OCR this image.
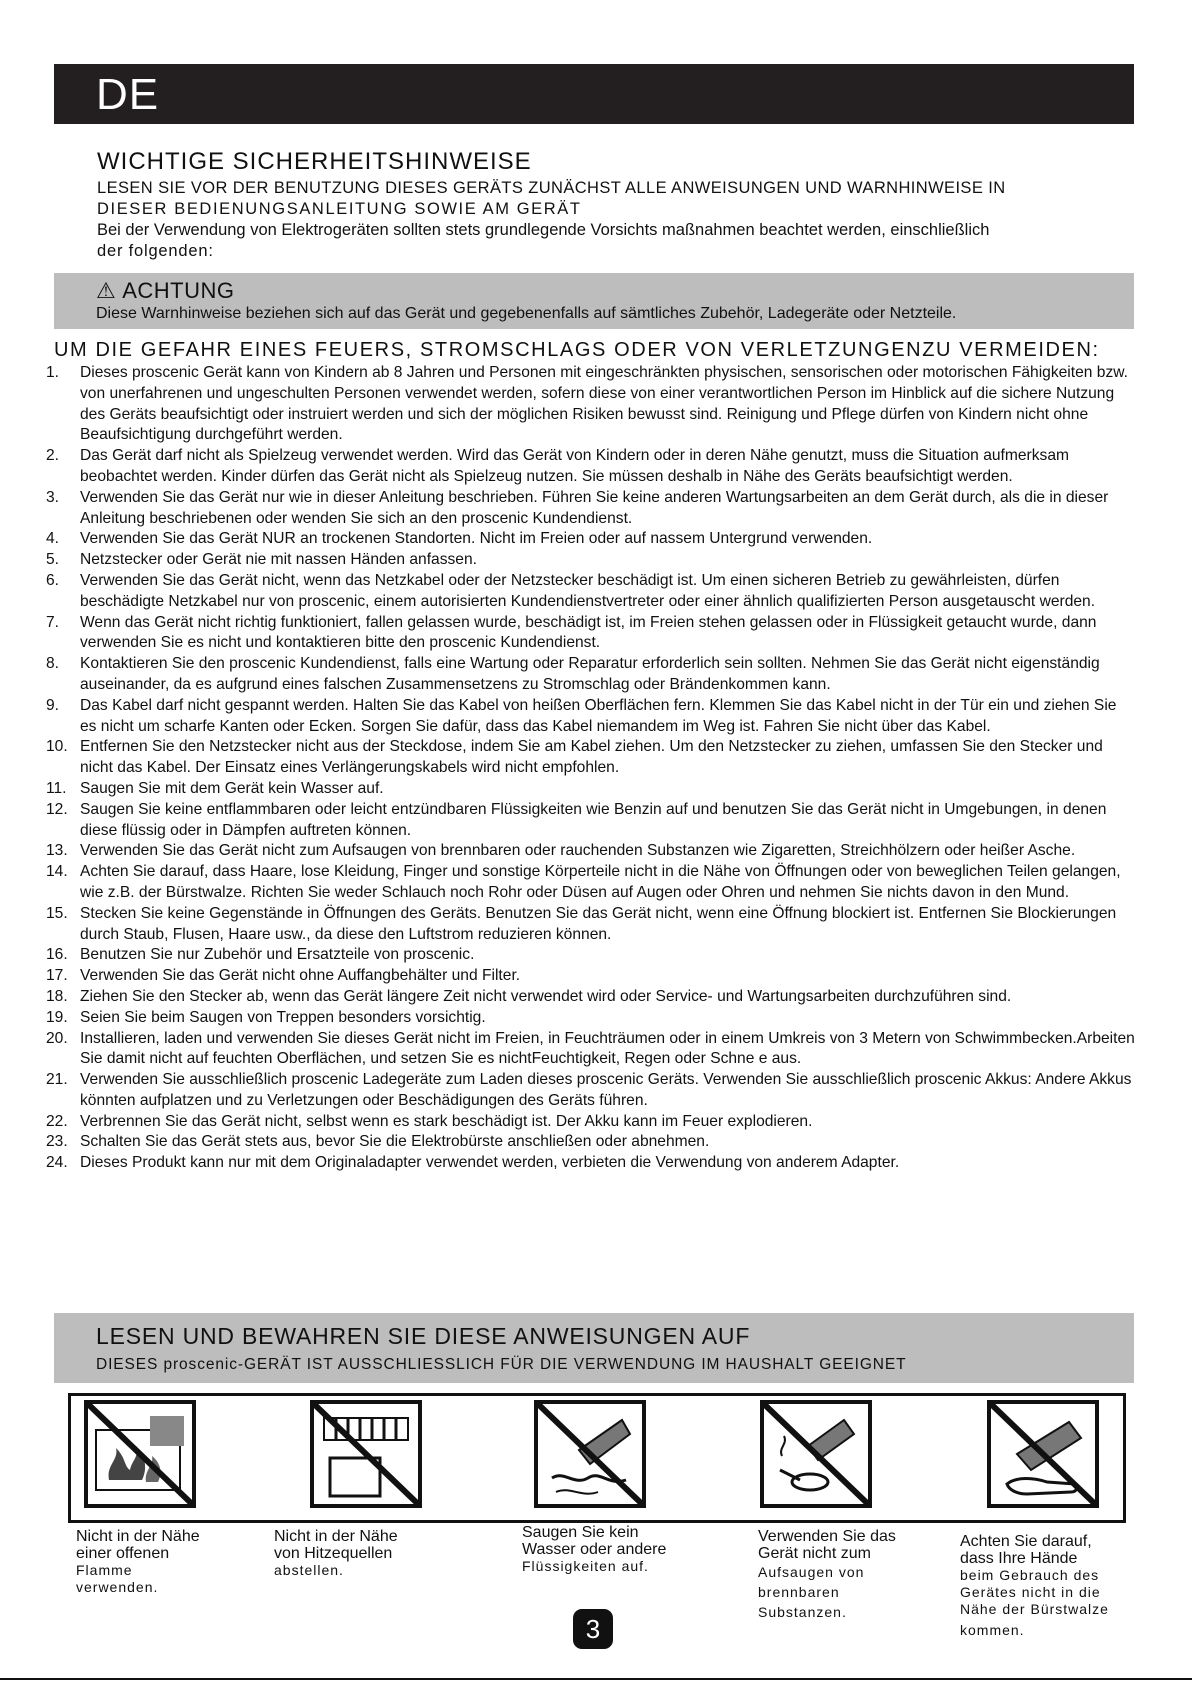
DE
WICHTIGE SICHERHEITSHINWEISE

LESEN SIE VOR DER BENUTZUNG DIESES GERÄTS ZUNÄCHST ALLE ANWEISUNGEN UND WARNHINWEISE IN

DIESER BEDIENUNGSANLEITUNG SOWIE AM GERÄT

Bei der Verwendung von Elektrogeräten sollten stets grundlegende Vorsichts maßnahmen beachtet werden, einschließlich

der folgenden:

⚠ ACHTUNG
Diese Warnhinweise beziehen sich auf das Gerät und gegebenenfalls auf sämtliches Zubehör, Ladegeräte oder Netzteile.
UM DIE GEFAHR EINES FEUERS, STROMSCHLAGS ODER VON VERLETZUNGENZU VERMEIDEN:
1. Dieses proscenic Gerät kann von Kindern ab 8 Jahren und Personen mit eingeschränkten physischen, sensorischen oder motorischen Fähigkeiten bzw. von unerfahrenen und ungeschulten Personen verwendet werden, sofern diese von einer verantwortlichen Person im Hinblick auf die sichere Nutzung des Geräts beaufsichtigt oder instruiert werden und sich der möglichen Risiken bewusst sind. Reinigung und Pflege dürfen von Kindern nicht ohne Beaufsichtigung durchgeführt werden.
2. Das Gerät darf nicht als Spielzeug verwendet werden. Wird das Gerät von Kindern oder in deren Nähe genutzt, muss die Situation aufmerksam beobachtet werden. Kinder dürfen das Gerät nicht als Spielzeug nutzen. Sie müssen deshalb in Nähe des Geräts beaufsichtigt werden.
3. Verwenden Sie das Gerät nur wie in dieser Anleitung beschrieben. Führen Sie keine anderen Wartungsarbeiten an dem Gerät durch, als die in dieser Anleitung beschriebenen oder wenden Sie sich an den proscenic Kundendienst.
4. Verwenden Sie das Gerät NUR an trockenen Standorten. Nicht im Freien oder auf nassem Untergrund verwenden.
5. Netzstecker oder Gerät nie mit nassen Händen anfassen.
6. Verwenden Sie das Gerät nicht, wenn das Netzkabel oder der Netzstecker beschädigt ist. Um einen sicheren Betrieb zu gewährleisten, dürfen beschädigte Netzkabel nur von proscenic, einem autorisierten Kundendienstvertreter oder einer ähnlich qualifizierten Person ausgetauscht werden.
7. Wenn das Gerät nicht richtig funktioniert, fallen gelassen wurde, beschädigt ist, im Freien stehen gelassen oder in Flüssigkeit getaucht wurde, dann verwenden Sie es nicht und kontaktieren bitte den proscenic Kundendienst.
8. Kontaktieren Sie den proscenic Kundendienst, falls eine Wartung oder Reparatur erforderlich sein sollten. Nehmen Sie das Gerät nicht eigenständig auseinander, da es aufgrund eines falschen Zusammensetzens zu Stromschlag oder Brändenkommen kann.
9. Das Kabel darf nicht gespannt werden. Halten Sie das Kabel von heißen Oberflächen fern. Klemmen Sie das Kabel nicht in der Tür ein und ziehen Sie es nicht um scharfe Kanten oder Ecken. Sorgen Sie dafür, dass das Kabel niemandem im Weg ist. Fahren Sie nicht über das Kabel.
10. Entfernen Sie den Netzstecker nicht aus der Steckdose, indem Sie am Kabel ziehen. Um den Netzstecker zu ziehen, umfassen Sie den Stecker und nicht das Kabel. Der Einsatz eines Verlängerungskabels wird nicht empfohlen.
11. Saugen Sie mit dem Gerät kein Wasser auf.
12. Saugen Sie keine entflammbaren oder leicht entzündbaren Flüssigkeiten wie Benzin auf und benutzen Sie das Gerät nicht in Umgebungen, in denen diese flüssig oder in Dämpfen auftreten können.
13. Verwenden Sie das Gerät nicht zum Aufsaugen von brennbaren oder rauchenden Substanzen wie Zigaretten, Streichhölzern oder heißer Asche.
14. Achten Sie darauf, dass Haare, lose Kleidung, Finger und sonstige Körperteile nicht in die Nähe von Öffnungen oder von beweglichen Teilen gelangen, wie z.B. der Bürstwalze. Richten Sie weder Schlauch noch Rohr oder Düsen auf Augen oder Ohren und nehmen Sie nichts davon in den Mund.
15. Stecken Sie keine Gegenstände in Öffnungen des Geräts. Benutzen Sie das Gerät nicht, wenn eine Öffnung blockiert ist. Entfernen Sie Blockierungen durch Staub, Flusen, Haare usw., da diese den Luftstrom reduzieren können.
16. Benutzen Sie nur Zubehör und Ersatzteile von proscenic.
17. Verwenden Sie das Gerät nicht ohne Auffangbehälter und Filter.
18. Ziehen Sie den Stecker ab, wenn das Gerät längere Zeit nicht verwendet wird oder Service- und Wartungsarbeiten durchzuführen sind.
19. Seien Sie beim Saugen von Treppen besonders vorsichtig.
20. Installieren, laden und verwenden Sie dieses Gerät nicht im Freien, in Feuchträumen oder in einem Umkreis von 3 Metern von Schwimmbecken.Arbeiten Sie damit nicht auf feuchten Oberflächen, und setzen Sie es nichtFeuchtigkeit, Regen oder Schne e aus.
21. Verwenden Sie ausschließlich proscenic Ladegeräte zum Laden dieses proscenic Geräts. Verwenden Sie ausschließlich proscenic Akkus: Andere Akkus könnten aufplatzen und zu Verletzungen oder Beschädigungen des Geräts führen.
22. Verbrennen Sie das Gerät nicht, selbst wenn es stark beschädigt ist. Der Akku kann im Feuer explodieren.
23. Schalten Sie das Gerät stets aus, bevor Sie die Elektrobürste anschließen oder abnehmen.
24. Dieses Produkt kann nur mit dem Originaladapter verwendet werden, verbieten die Verwendung von anderem Adapter.
LESEN UND BEWAHREN SIE DIESE ANWEISUNGEN AUF
DIESES proscenic-GERÄT IST AUSSCHLIESSLICH FÜR DIE VERWENDUNG IM HAUSHALT GEEIGNET
Nicht in der Nähe
einer offenen
Flamme
verwenden.
Nicht in der Nähe
von Hitzequellen
abstellen.
Saugen Sie kein
Wasser oder andere
Flüssigkeiten auf.
Verwenden Sie das
Gerät nicht zum
Aufsaugen von
brennbaren
Substanzen.
Achten Sie darauf,
dass Ihre Hände
beim Gebrauch des
Gerätes nicht in die
Nähe der Bürstwalze
kommen.
3
